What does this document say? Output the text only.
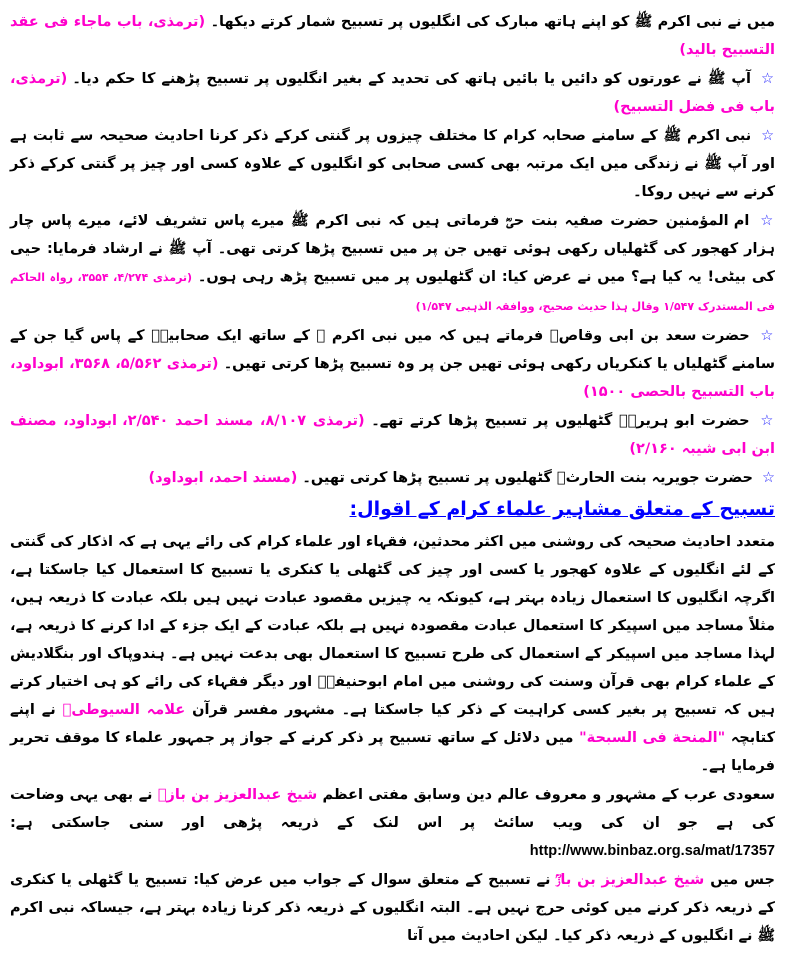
میں نے نبی اکرم ﷺ کو اپنے ہاتھ مبارک کی انگلیوں پر تسبیح شمار کرتے دیکھا۔ (ترمذی، باب ماجاء فی عقد التسبیح بالید)

☆ آپ ﷺ نے عورتوں کو دائیں یا بائیں ہاتھ کی تحدید کے بغیر انگلیوں پر تسبیح پڑھنے کا حکم دیا۔ (ترمذی، باب فی فضل التسبیح)

☆ نبی اکرم ﷺ کے سامنے صحابہ کرام کا مختلف چیزوں پر گنتی کرکے ذکر کرنا احادیث صحیحہ سے ثابت ہے اور آپ ﷺ نے زندگی میں ایک مرتبہ بھی کسی صحابی کو انگلیوں کے علاوہ کسی اور چیز پر گنتی کرکے ذکر کرنے سے نہیں روکا۔

☆ ام المؤمنین حضرت صفیہ بنت حیؓ فرماتی ہیں کہ نبی اکرم ﷺ میرے پاس تشریف لائے، میرے پاس چار ہزار کھجور کی گٹھلیاں رکھی ہوئی تھیں جن پر میں تسبیح پڑھا کرتی تھی۔ آپ ﷺ نے ارشاد فرمایا: حیی کی بیٹی! یہ کیا ہے؟ میں نے عرض کیا: ان گٹھلیوں پر میں تسبیح پڑھ رہی ہوں۔ (ترمذی ۴/۲۷۴، ۳۵۵۴، رواہ الحاکم فی المستدرک ۱/۵۴۷ وقال ہذا حدیث صحیح، ووافقہ الذہبی ۱/۵۴۷)

☆ حضرت سعد بن ابی وقاصؓ فرماتے ہیں کہ میں نبی اکرم ﷺ کے ساتھ ایک صحابیہؓ کے پاس گیا جن کے سامنے گٹھلیاں یا کنکریاں رکھی ہوئی تھیں جن پر وہ تسبیح پڑھا کرتی تھیں۔ (ترمذی ۵/۵۶۲، ۳۵۶۸، ابوداود، باب التسبیح بالحصی ۱۵۰۰)

☆ حضرت ابو ہریرہؓ گٹھلیوں پر تسبیح پڑھا کرتے تھے۔ (ترمذی ۸/۱۰۷، مسند احمد ۲/۵۴۰، ابوداود، مصنف ابن ابی شیبہ ۲/۱۶۰)

☆ حضرت جویریہ بنت الحارثؓ گٹھلیوں پر تسبیح پڑھا کرتی تھیں۔ (مسند احمد، ابوداود)

تسبیح کے متعلق مشاہیر علماء کرام کے اقوال:

متعدد احادیث صحیحہ کی روشنی میں اکثر محدثین، فقہاء اور علماء کرام کی رائے یہی ہے کہ اذکار کی گنتی کے لئے انگلیوں کے علاوہ کھجور یا کسی اور چیز کی گٹھلی یا کنکری یا تسبیح کا استعمال کیا جاسکتا ہے، اگرچہ انگلیوں کا استعمال زیادہ بہتر ہے، کیونکہ یہ چیزیں مقصود عبادت نہیں ہیں بلکہ عبادت کا ذریعہ ہیں، مثلاً مساجد میں اسپیکر کا استعمال عبادت مقصودہ نہیں ہے بلکہ عبادت کے ایک جزء کے ادا کرنے کا ذریعہ ہے، لہذا مساجد میں اسپیکر کے استعمال کی طرح تسبیح کا استعمال بھی بدعت نہیں ہے۔ ہندوپاک اور بنگلادیش کے علماء کرام بھی قرآن وسنت کی روشنی میں امام ابوحنیفہؒ اور دیگر فقہاء کی رائے کو ہی اختیار کرتے ہیں کہ تسبیح پر بغیر کسی کراہیت کے ذکر کیا جاسکتا ہے۔ مشہور مفسر قرآن علامہ السیوطیؒ نے اپنے کتابچہ "المنحة فی السبحة" میں دلائل کے ساتھ تسبیح پر ذکر کرنے کے جواز پر جمہور علماء کا موقف تحریر فرمایا ہے۔

سعودی عرب کے مشہور و معروف عالم دین وسابق مفتی اعظم شیخ عبدالعزیز بن بازؒ نے بھی یہی وضاحت کی ہے جو ان کی ویب سائٹ پر اس لنک کے ذریعہ پڑھی اور سنی جاسکتی ہے: http://www.binbaz.org.sa/mat/17357

جس میں شیخ عبدالعزیز بن بازؒ نے تسبیح کے متعلق سوال کے جواب میں عرض کیا: تسبیح یا گٹھلی یا کنکری کے ذریعہ ذکر کرنے میں کوئی حرج نہیں ہے۔ البتہ انگلیوں کے ذریعہ ذکر کرنا زیادہ بہتر ہے، جیساکہ نبی اکرم ﷺ نے انگلیوں کے ذریعہ ذکر کیا۔ لیکن احادیث میں آتا
